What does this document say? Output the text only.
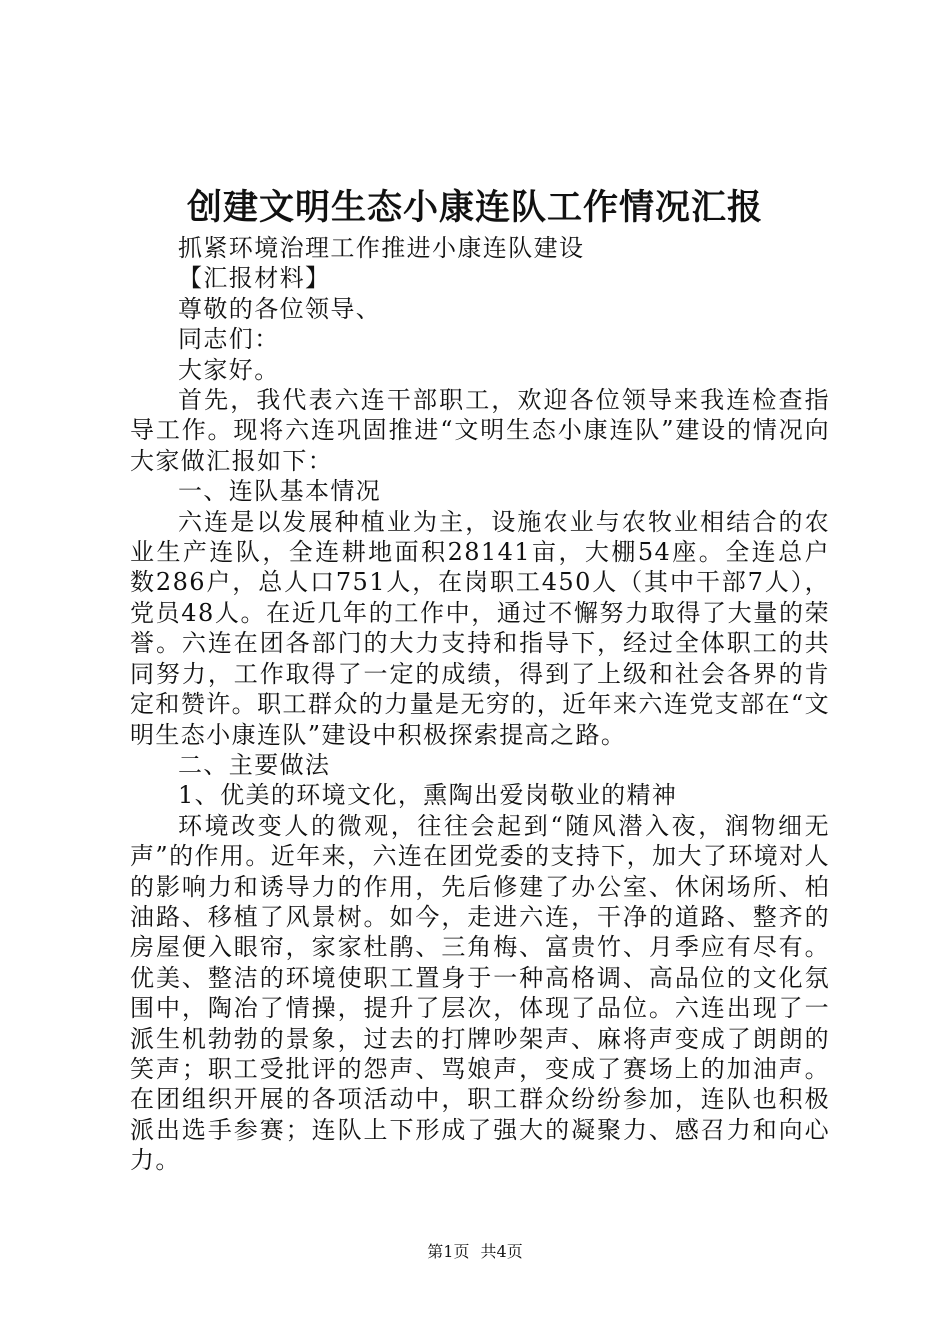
创建文明生态小康连队工作情况汇报

抓紧环境治理工作推进小康连队建设

【汇报材料】

尊敬的各位领导、

同志们：

大家好。

首先，我代表六连干部职工，欢迎各位领导来我连检查指导工作。现将六连巩固推进“文明生态小康连队”建设的情况向大家做汇报如下：

一、连队基本情况

六连是以发展种植业为主，设施农业与农牧业相结合的农业生产连队，全连耕地面积28141亩，大棚54座。全连总户数286户，总人口751人，在岗职工450人（其中干部7人），党员48人。在近几年的工作中，通过不懈努力取得了大量的荣誉。六连在团各部门的大力支持和指导下，经过全体职工的共同努力，工作取得了一定的成绩，得到了上级和社会各界的肯定和赞许。职工群众的力量是无穷的，近年来六连党支部在“文明生态小康连队”建设中积极探索提高之路。

二、主要做法

1、优美的环境文化，熏陶出爱岗敬业的精神

环境改变人的微观，往往会起到“随风潜入夜，润物细无声”的作用。近年来，六连在团党委的支持下，加大了环境对人的影响力和诱导力的作用，先后修建了办公室、休闲场所、柏油路、移植了风景树。如今，走进六连，干净的道路、整齐的房屋便入眼帘，家家杜鹃、三角梅、富贵竹、月季应有尽有。优美、整洁的环境使职工置身于一种高格调、高品位的文化氛围中，陶冶了情操，提升了层次，体现了品位。六连出现了一派生机勃勃的景象，过去的打牌吵架声、麻将声变成了朗朗的笑声；职工受批评的怨声、骂娘声，变成了赛场上的加油声。在团组织开展的各项活动中，职工群众纷纷参加，连队也积极派出选手参赛；连队上下形成了强大的凝聚力、感召力和向心力。

第1页 共4页
